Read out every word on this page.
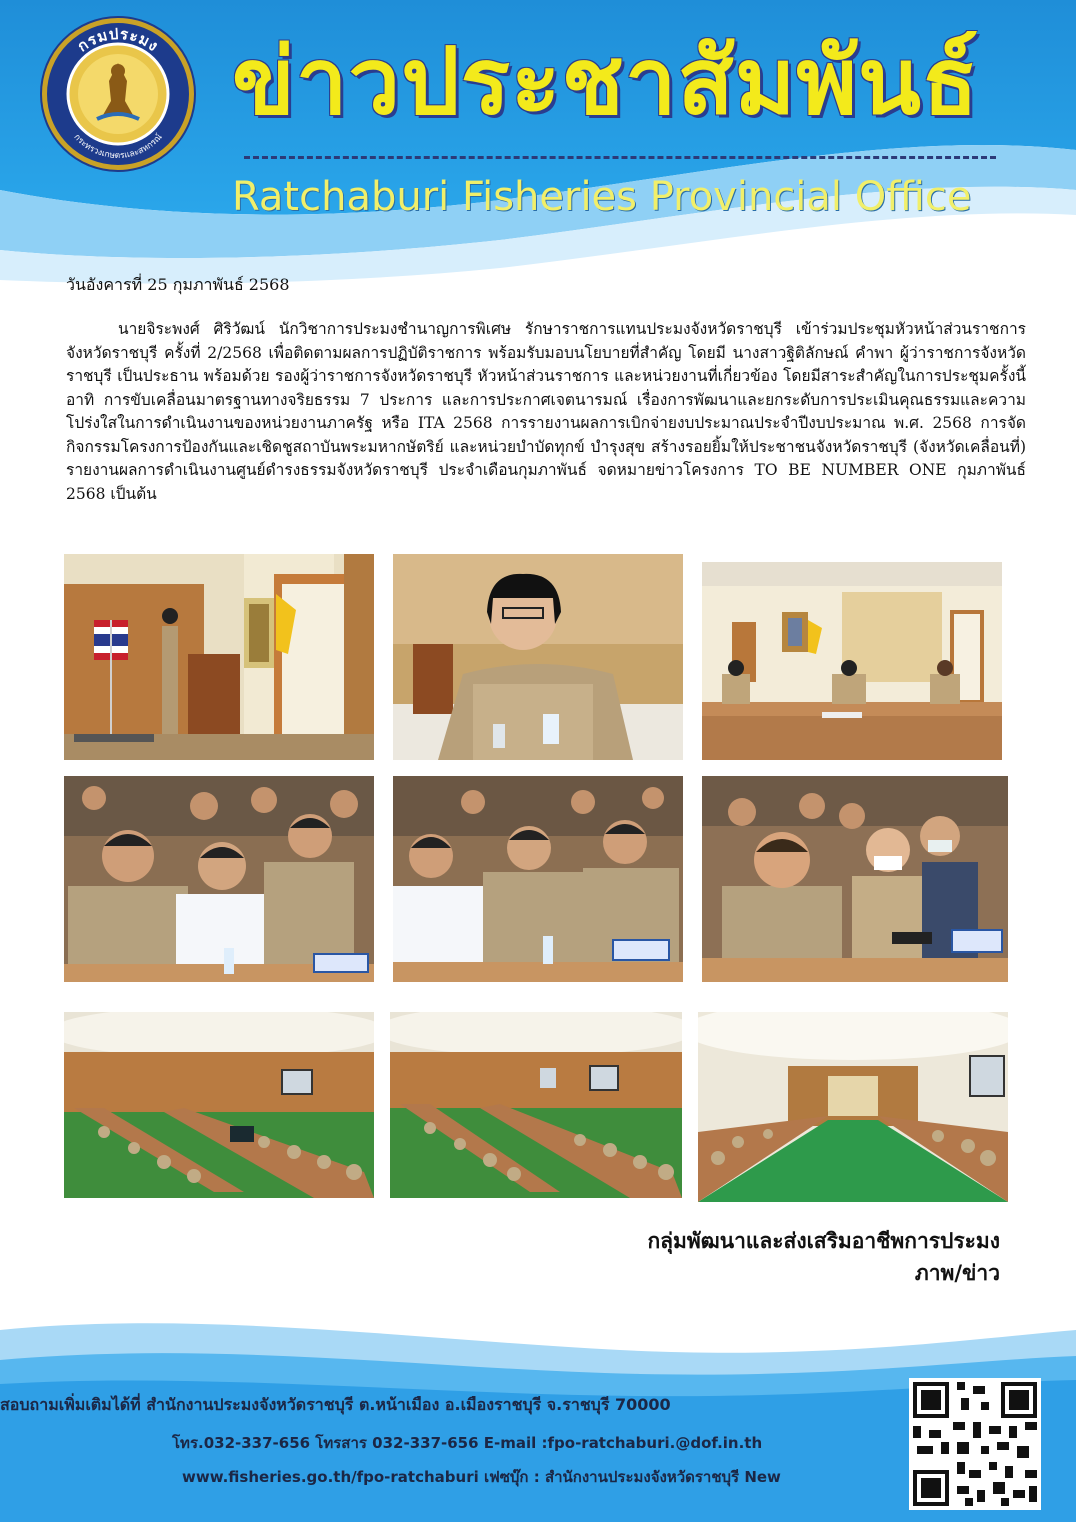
กรมประมง
กระทรวงเกษตรและสหกรณ์
ข่าวประชาสัมพันธ์
Ratchaburi Fisheries Provincial Office
วันอังคารที่ 25 กุมภาพันธ์ 2568
นายจิระพงศ์ ศิริวัฒน์ นักวิชาการประมงชำนาญการพิเศษ รักษาราชการแทนประมงจังหวัดราชบุรี เข้าร่วมประชุมหัวหน้าส่วนราชการจังหวัดราชบุรี ครั้งที่ 2/2568 เพื่อติดตามผลการปฏิบัติราชการ พร้อมรับมอบนโยบายที่สำคัญ โดยมี นางสาวฐิติลักษณ์ คำพา ผู้ว่าราชการจังหวัดราชบุรี เป็นประธาน พร้อมด้วย รองผู้ว่าราชการจังหวัดราชบุรี หัวหน้าส่วนราชการ และหน่วยงานที่เกี่ยวข้อง โดยมีสาระสำคัญในการประชุมครั้งนี้ อาทิ การขับเคลื่อนมาตรฐานทางจริยธรรม 7 ประการ และการประกาศเจตนารมณ์ เรื่องการพัฒนาและยกระดับการประเมินคุณธรรมและความโปร่งใสในการดำเนินงานของหน่วยงานภาครัฐ หรือ ITA 2568 การรายงานผลการเบิกจ่ายงบประมาณประจำปีงบประมาณ พ.ศ. 2568 การจัดกิจกรรมโครงการป้องกันและเชิดชูสถาบันพระมหากษัตริย์ และหน่วยบำบัดทุกข์ บำรุงสุข สร้างรอยยิ้มให้ประชาชนจังหวัดราชบุรี (จังหวัดเคลื่อนที่) รายงานผลการดำเนินงานศูนย์ดำรงธรรมจังหวัดราชบุรี ประจำเดือนกุมภาพันธ์ จดหมายข่าวโครงการ TO BE NUMBER ONE กุมภาพันธ์ 2568 เป็นต้น
กลุ่มพัฒนาและส่งเสริมอาชีพการประมง
ภาพ/ข่าว
สอบถามเพิ่มเติมได้ที่ สำนักงานประมงจังหวัดราชบุรี ต.หน้าเมือง อ.เมืองราชบุรี จ.ราชบุรี 70000
โทร.032-337-656 โทรสาร 032-337-656 E-mail :fpo-ratchaburi.@dof.in.th
www.fisheries.go.th/fpo-ratchaburi เฟซบุ๊ก : สำนักงานประมงจังหวัดราชบุรี New
